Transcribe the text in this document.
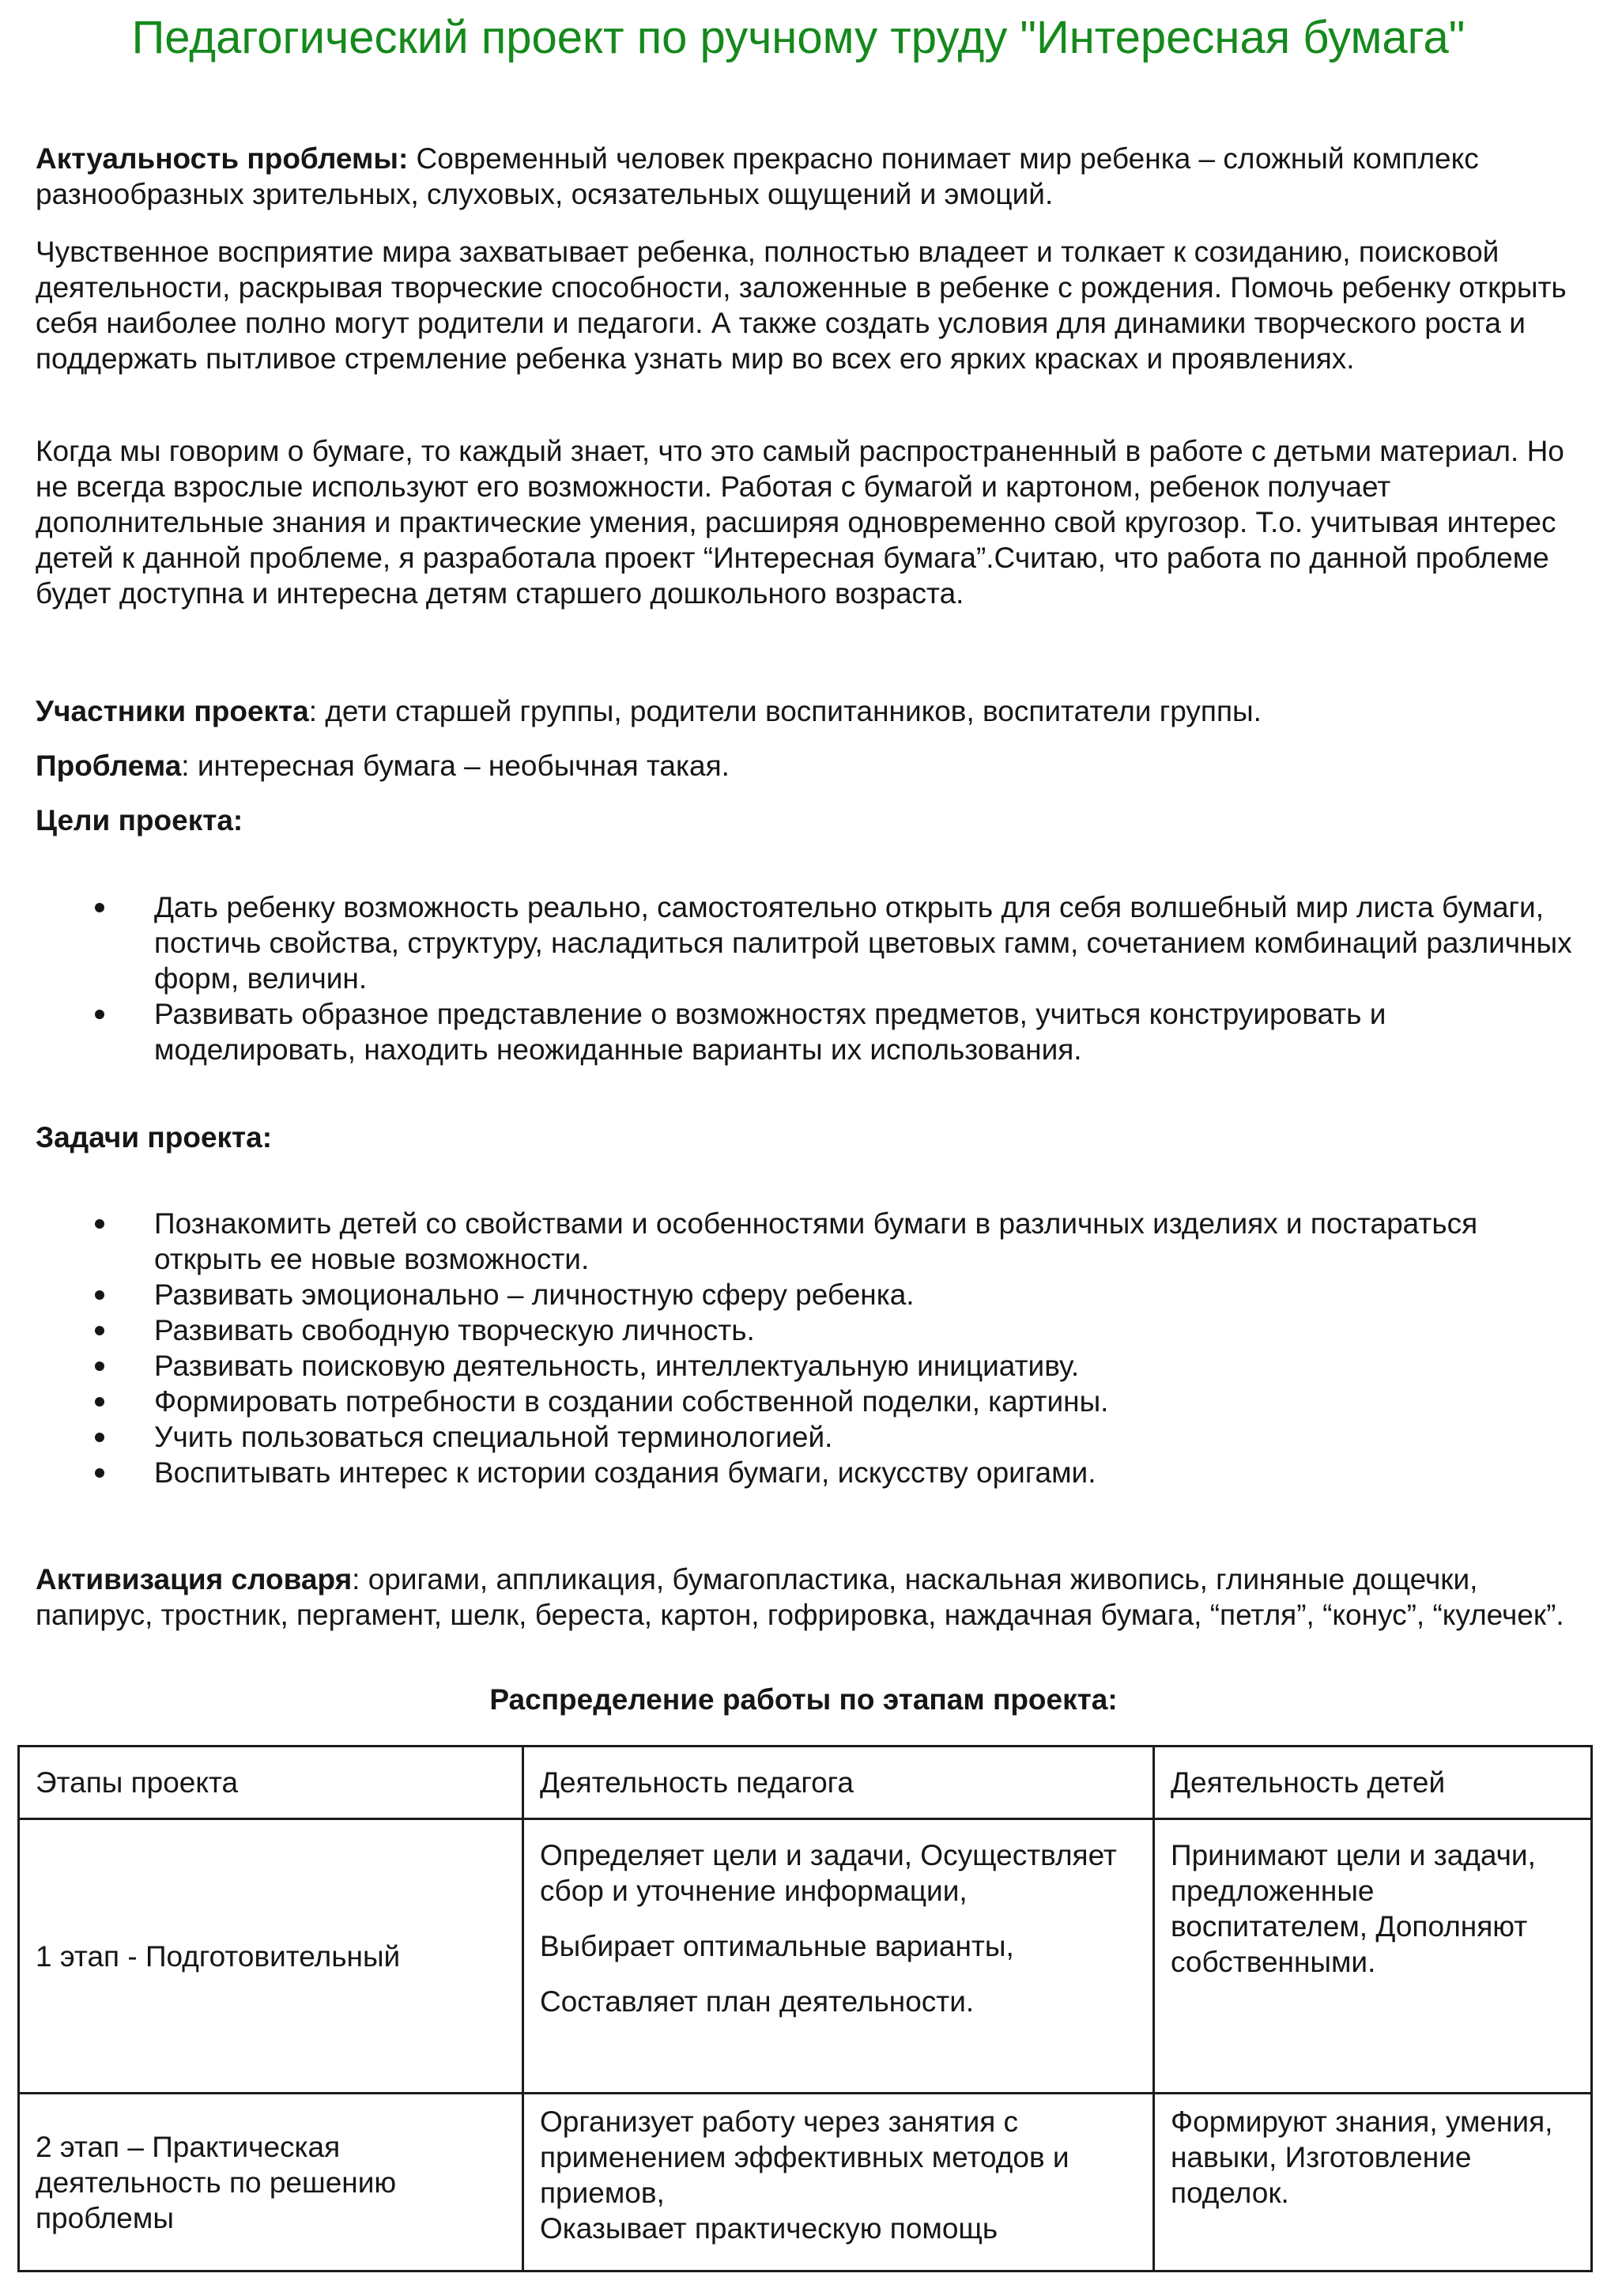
Педагогический проект по ручному труду "Интересная бумага"

Актуальность проблемы: Современный человек прекрасно понимает мир ребенка – сложный комплекс разнообразных зрительных, слуховых, осязательных ощущений и эмоций.

Чувственное восприятие мира захватывает ребенка, полностью владеет и толкает к созиданию, поисковой деятельности, раскрывая творческие способности, заложенные в ребенке с рождения. Помочь ребенку открыть себя наиболее полно могут родители и педагоги. А также создать условия для динамики творческого роста и поддержать пытливое стремление ребенка узнать мир во всех его ярких красках и проявлениях.

Когда мы говорим о бумаге, то каждый знает, что это самый распространенный в работе с детьми материал. Но не всегда взрослые используют его возможности. Работая с бумагой и картоном, ребенок получает дополнительные знания и практические умения, расширяя одновременно свой кругозор. Т.о. учитывая интерес детей к данной проблеме, я разработала проект “Интересная бумага”.Считаю, что работа по данной проблеме будет доступна и интересна детям старшего дошкольного возраста.

Участники проекта: дети старшей группы, родители воспитанников, воспитатели группы.

Проблема: интересная бумага – необычная такая.

Цели проекта:

Дать ребенку возможность реально, самостоятельно открыть для себя волшебный мир листа бумаги, постичь свойства, структуру, насладиться палитрой цветовых гамм, сочетанием комбинаций различных форм, величин.
Развивать образное представление о возможностях предметов, учиться конструировать и моделировать, находить неожиданные варианты их использования.

Задачи проекта:

Познакомить детей со свойствами и особенностями бумаги в различных изделиях и постараться открыть ее новые возможности.
Развивать эмоционально – личностную сферу ребенка.
Развивать свободную творческую личность.
Развивать поисковую деятельность, интеллектуальную инициативу.
Формировать потребности в создании собственной поделки, картины.
Учить пользоваться специальной терминологией.
Воспитывать интерес к истории создания бумаги, искусству оригами.

Активизация словаря: оригами, аппликация, бумагопластика, наскальная живопись, глиняные дощечки, папирус, тростник, пергамент, шелк, береста, картон, гофрировка, наждачная бумага, “петля”, “конус”, “кулечек”.

Распределение работы по этапам проекта:
Этапы проекта	Деятельность педагога	Деятельность детей
1 этап - Подготовительный	Определяет цели и задачи, Осуществляет сбор и уточнение информации,
Выбирает оптимальные варианты,
Составляет план деятельности.	Принимают цели и задачи, предложенные воспитателем, Дополняют собственными.
2 этап – Практическая деятельность по решению проблемы	Организует работу через занятия с применением эффективных методов и приемов,
Оказывает практическую помощь	Формируют знания, умения, навыки, Изготовление поделок.
